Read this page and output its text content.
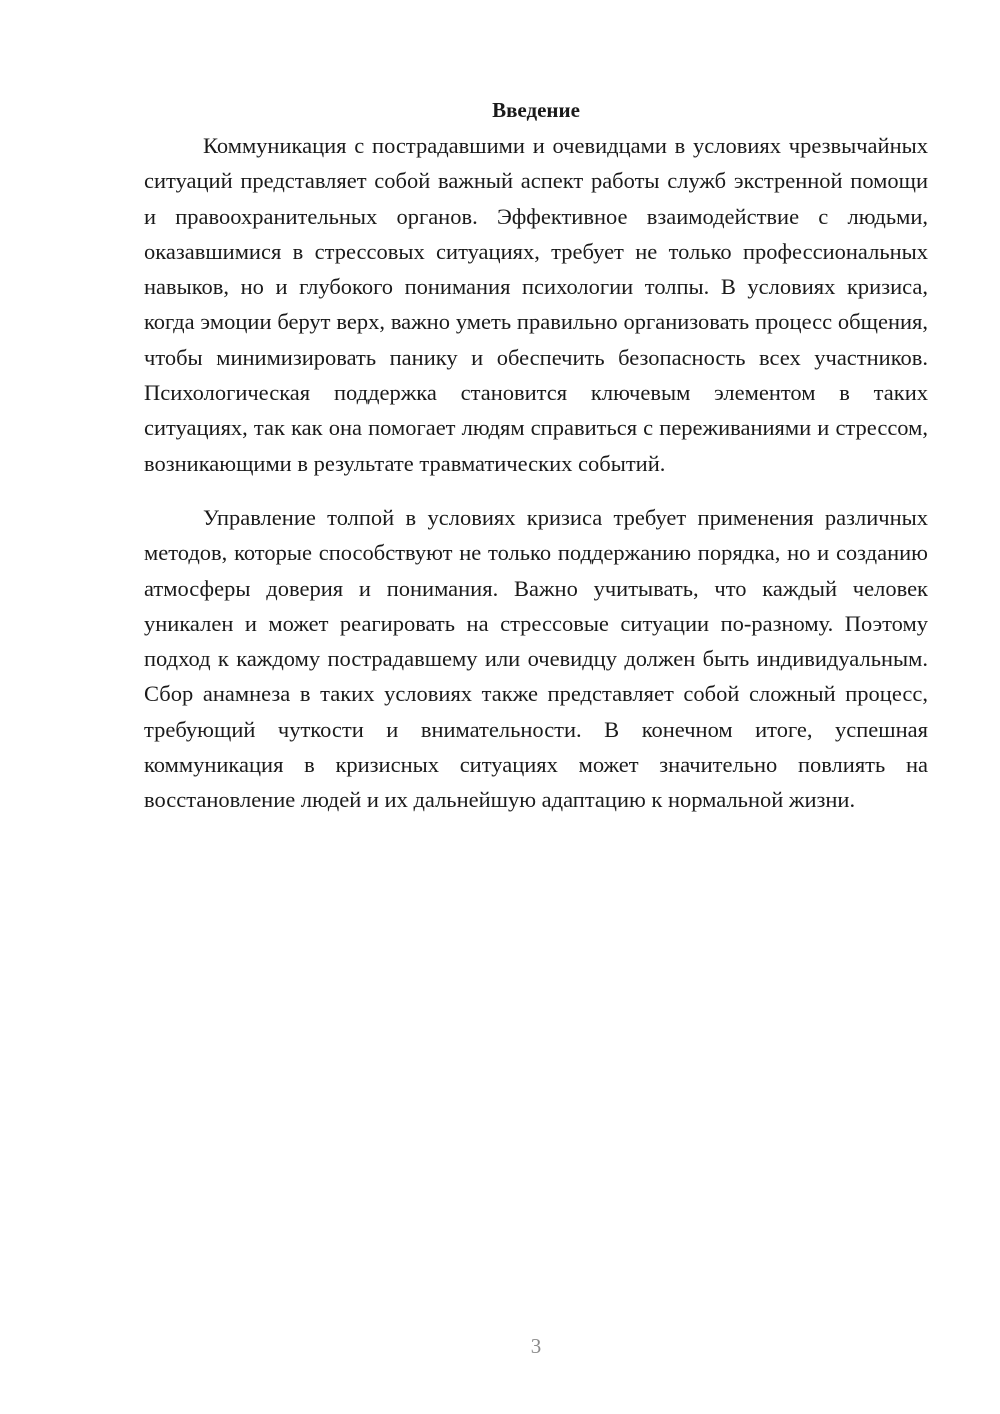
Введение

Коммуникация с пострадавшими и очевидцами в условиях чрезвычайных ситуаций представляет собой важный аспект работы служб экстренной помощи и правоохранительных органов. Эффективное взаимодействие с людьми, оказавшимися в стрессовых ситуациях, требует не только профессиональных навыков, но и глубокого понимания психологии толпы. В условиях кризиса, когда эмоции берут верх, важно уметь правильно организовать процесс общения, чтобы минимизировать панику и обеспечить безопасность всех участников. Психологическая поддержка становится ключевым элементом в таких ситуациях, так как она помогает людям справиться с переживаниями и стрессом, возникающими в результате травматических событий.

Управление толпой в условиях кризиса требует применения различных методов, которые способствуют не только поддержанию порядка, но и созданию атмосферы доверия и понимания. Важно учитывать, что каждый человек уникален и может реагировать на стрессовые ситуации по-разному. Поэтому подход к каждому пострадавшему или очевидцу должен быть индивидуальным. Сбор анамнеза в таких условиях также представляет собой сложный процесс, требующий чуткости и внимательности. В конечном итоге, успешная коммуникация в кризисных ситуациях может значительно повлиять на восстановление людей и их дальнейшую адаптацию к нормальной жизни.

3
